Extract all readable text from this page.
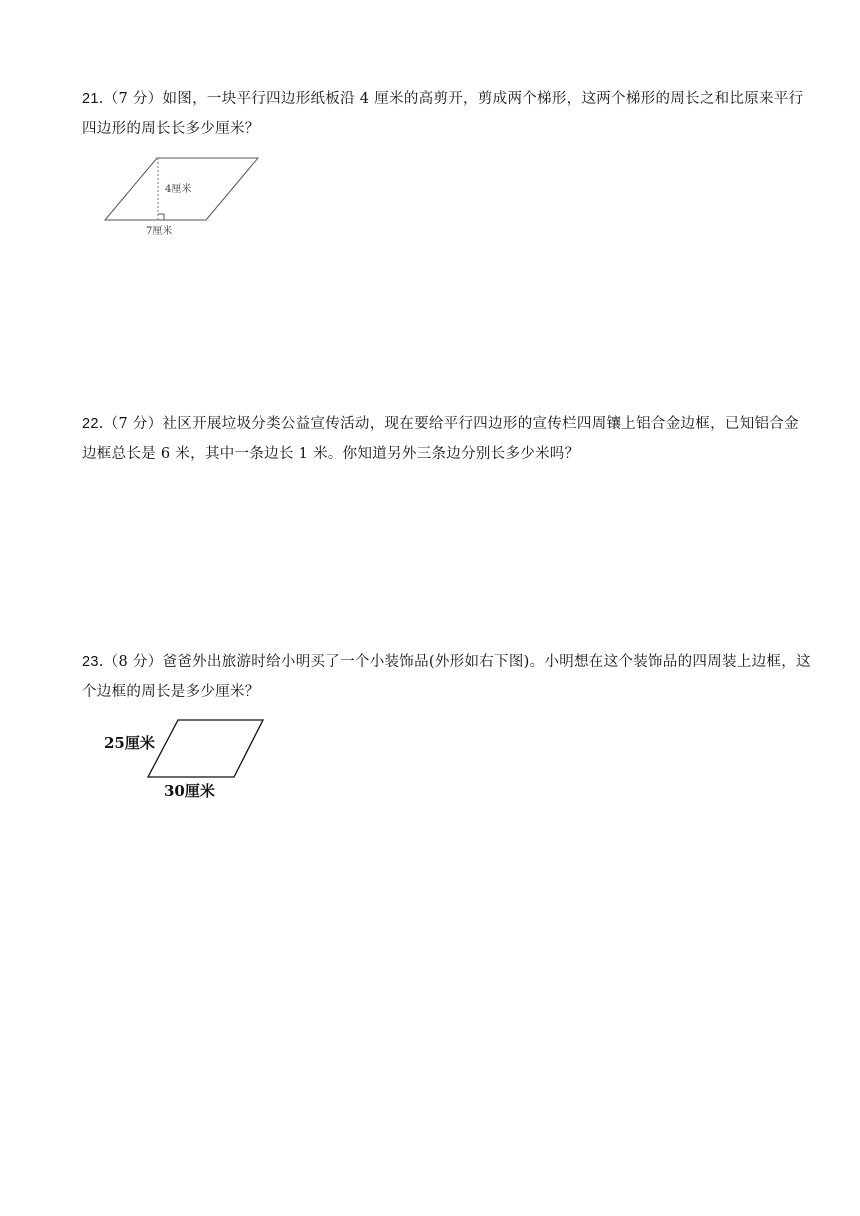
21.（7 分）如图，一块平行四边形纸板沿 4 厘米的高剪开，剪成两个梯形，这两个梯形的周长之和比原来平行四边形的周长长多少厘米？

4厘米
7厘米

22.（7 分）社区开展垃圾分类公益宣传活动，现在要给平行四边形的宣传栏四周镶上铝合金边框，已知铝合金边框总长是 6 米，其中一条边长 1 米。你知道另外三条边分别长多少米吗？

23.（8 分）爸爸外出旅游时给小明买了一个小装饰品(外形如右下图)。小明想在这个装饰品的四周装上边框，这个边框的周长是多少厘米？

25厘米
30厘米
